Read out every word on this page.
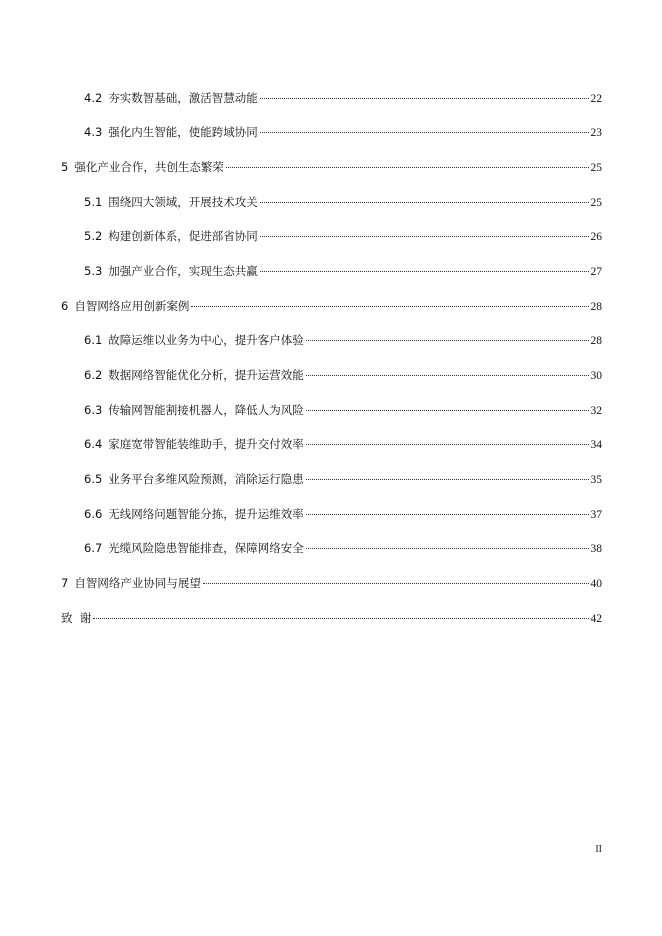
4.2 夯实数智基础，激活智慧动能	22
4.3 强化内生智能，使能跨域协同	23
5 强化产业合作，共创生态繁荣	25
5.1 围绕四大领域，开展技术攻关	25
5.2 构建创新体系，促进部省协同	26
5.3 加强产业合作，实现生态共赢	27
6 自智网络应用创新案例	28
6.1 故障运维以业务为中心，提升客户体验	28
6.2 数据网络智能优化分析，提升运营效能	30
6.3 传输网智能割接机器人，降低人为风险	32
6.4 家庭宽带智能装维助手，提升交付效率	34
6.5 业务平台多维风险预测，消除运行隐患	35
6.6 无线网络问题智能分拣，提升运维效率	37
6.7 光缆风险隐患智能排查，保障网络安全	38
7 自智网络产业协同与展望	40
致  谢	42
II
